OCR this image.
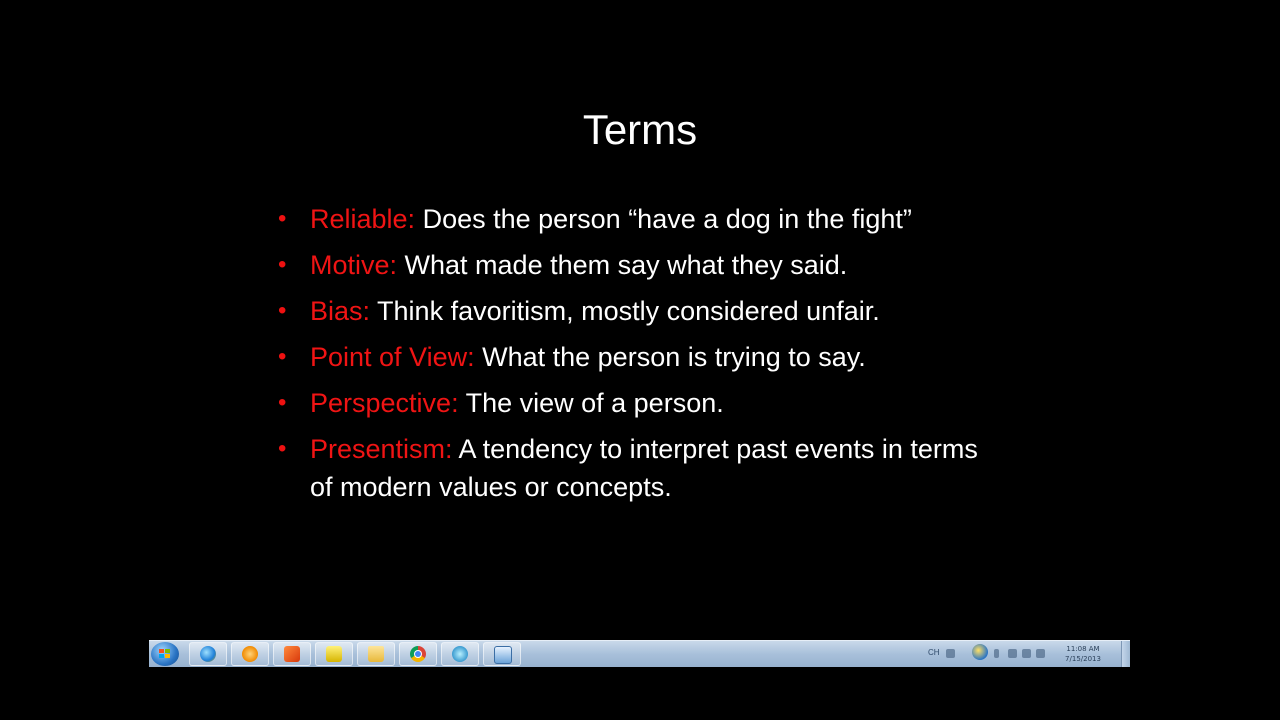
Terms
• Reliable: Does the person “have a dog in the fight”
• Motive: What made them say what they said.
• Bias: Think favoritism, mostly considered unfair.
• Point of View: What the person is trying to say.
• Perspective: The view of a person.
• Presentism: A tendency to interpret past events in terms of modern values or concepts.
CH	11:08 AM
7/15/2013
